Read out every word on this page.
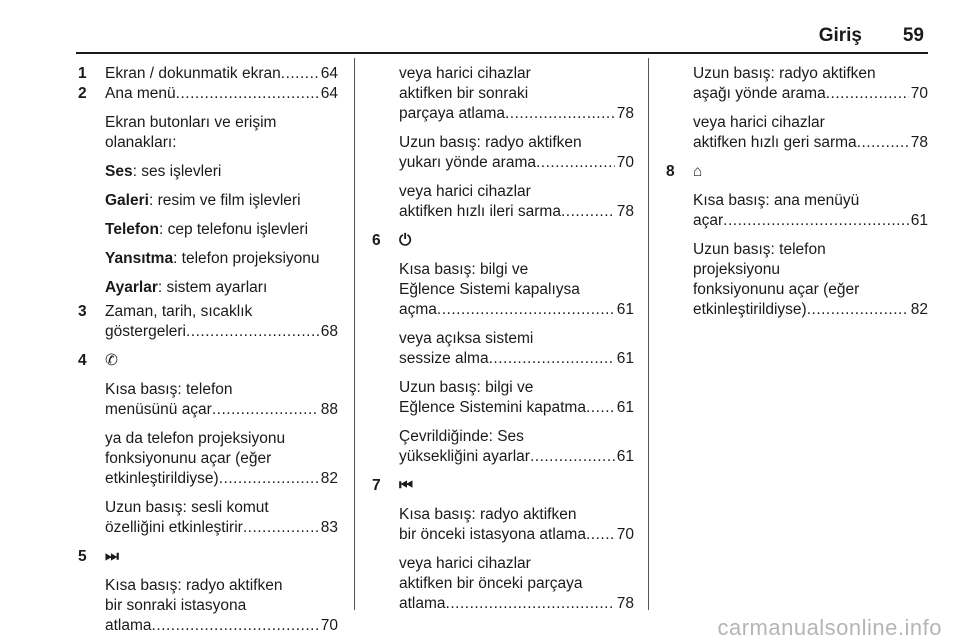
Giriş 59
1 Ekran / dokunmatik ekran .....	64
2 Ana menü .....	64
Ekran butonları ve erişim
olanakları:
Ses: ses işlevleri
Galeri: resim ve film işlevleri
Telefon: cep telefonu işlevleri
Yansıtma: telefon projeksiyonu
Ayarlar: sistem ayarları
3 Zaman, tarih, sıcaklık
göstergeleri .....	68
4 ✆
Kısa basış: telefon
menüsünü açar .....	88
ya da telefon projeksiyonu
fonksiyonunu açar (eğer
etkinleştirildiyse) .....	82
Uzun basış: sesli komut
özelliğini etkinleştirir .....	83
5 ⏭
Kısa basış: radyo aktifken
bir sonraki istasyona
atlama .....	70
veya harici cihazlar
aktifken bir sonraki
parçaya atlama .....	78
Uzun basış: radyo aktifken
yukarı yönde arama .....	70
veya harici cihazlar
aktifken hızlı ileri sarma .....	78
6 ⏻
Kısa basış: bilgi ve
Eğlence Sistemi kapalıysa
açma .....	61
veya açıksa sistemi
sessize alma .....	61
Uzun basış: bilgi ve
Eğlence Sistemini kapatma ..... 61
Çevrildiğinde: Ses
yüksekliğini ayarlar .....	61
7 ⏮
Kısa basış: radyo aktifken
bir önceki istasyona atlama ..... 70
veya harici cihazlar
aktifken bir önceki parçaya
atlama .....	78
Uzun basış: radyo aktifken
aşağı yönde arama .....	70
veya harici cihazlar
aktifken hızlı geri sarma .....	78
8 ⌂
Kısa basış: ana menüyü
açar .....	61
Uzun basış: telefon
projeksiyonu
fonksiyonunu açar (eğer
etkinleştirildiyse) .....	82
carmanualsonline.info
